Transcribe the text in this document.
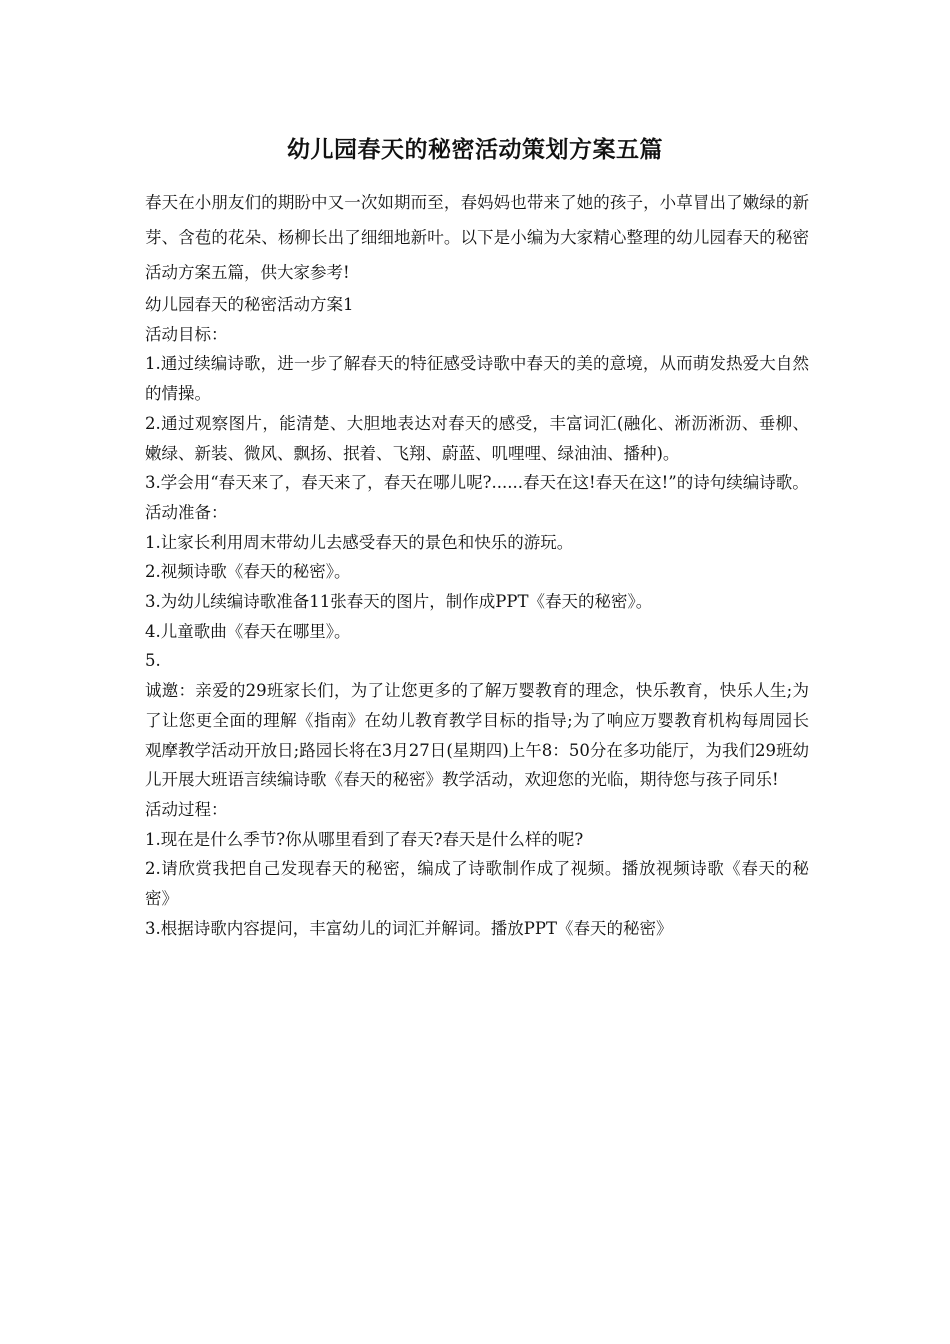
幼儿园春天的秘密活动策划方案五篇

春天在小朋友们的期盼中又一次如期而至，春妈妈也带来了她的孩子，小草冒出了嫩绿的新芽、含苞的花朵、杨柳长出了细细地新叶。以下是小编为大家精心整理的幼儿园春天的秘密活动方案五篇，供大家参考!

幼儿园春天的秘密活动方案1

活动目标：

1.通过续编诗歌，进一步了解春天的特征感受诗歌中春天的美的意境，从而萌发热爱大自然的情操。

2.通过观察图片，能清楚、大胆地表达对春天的感受，丰富词汇(融化、淅沥淅沥、垂柳、嫩绿、新装、微风、飘扬、抿着、飞翔、蔚蓝、叽哩哩、绿油油、播种)。

3.学会用“春天来了，春天来了，春天在哪儿呢?......春天在这!春天在这!”的诗句续编诗歌。

活动准备：

1.让家长利用周末带幼儿去感受春天的景色和快乐的游玩。

2.视频诗歌《春天的秘密》。

3.为幼儿续编诗歌准备11张春天的图片，制作成PPT《春天的秘密》。

4.儿童歌曲《春天在哪里》。

5.

诚邀：亲爱的29班家长们，为了让您更多的了解万婴教育的理念，快乐教育，快乐人生;为了让您更全面的理解《指南》在幼儿教育教学目标的指导;为了响应万婴教育机构每周园长观摩教学活动开放日;路园长将在3月27日(星期四)上午8：50分在多功能厅，为我们29班幼儿开展大班语言续编诗歌《春天的秘密》教学活动，欢迎您的光临，期待您与孩子同乐!

活动过程：

1.现在是什么季节?你从哪里看到了春天?春天是什么样的呢?

2.请欣赏我把自己发现春天的秘密，编成了诗歌制作成了视频。播放视频诗歌《春天的秘密》

3.根据诗歌内容提问，丰富幼儿的词汇并解词。播放PPT《春天的秘密》
